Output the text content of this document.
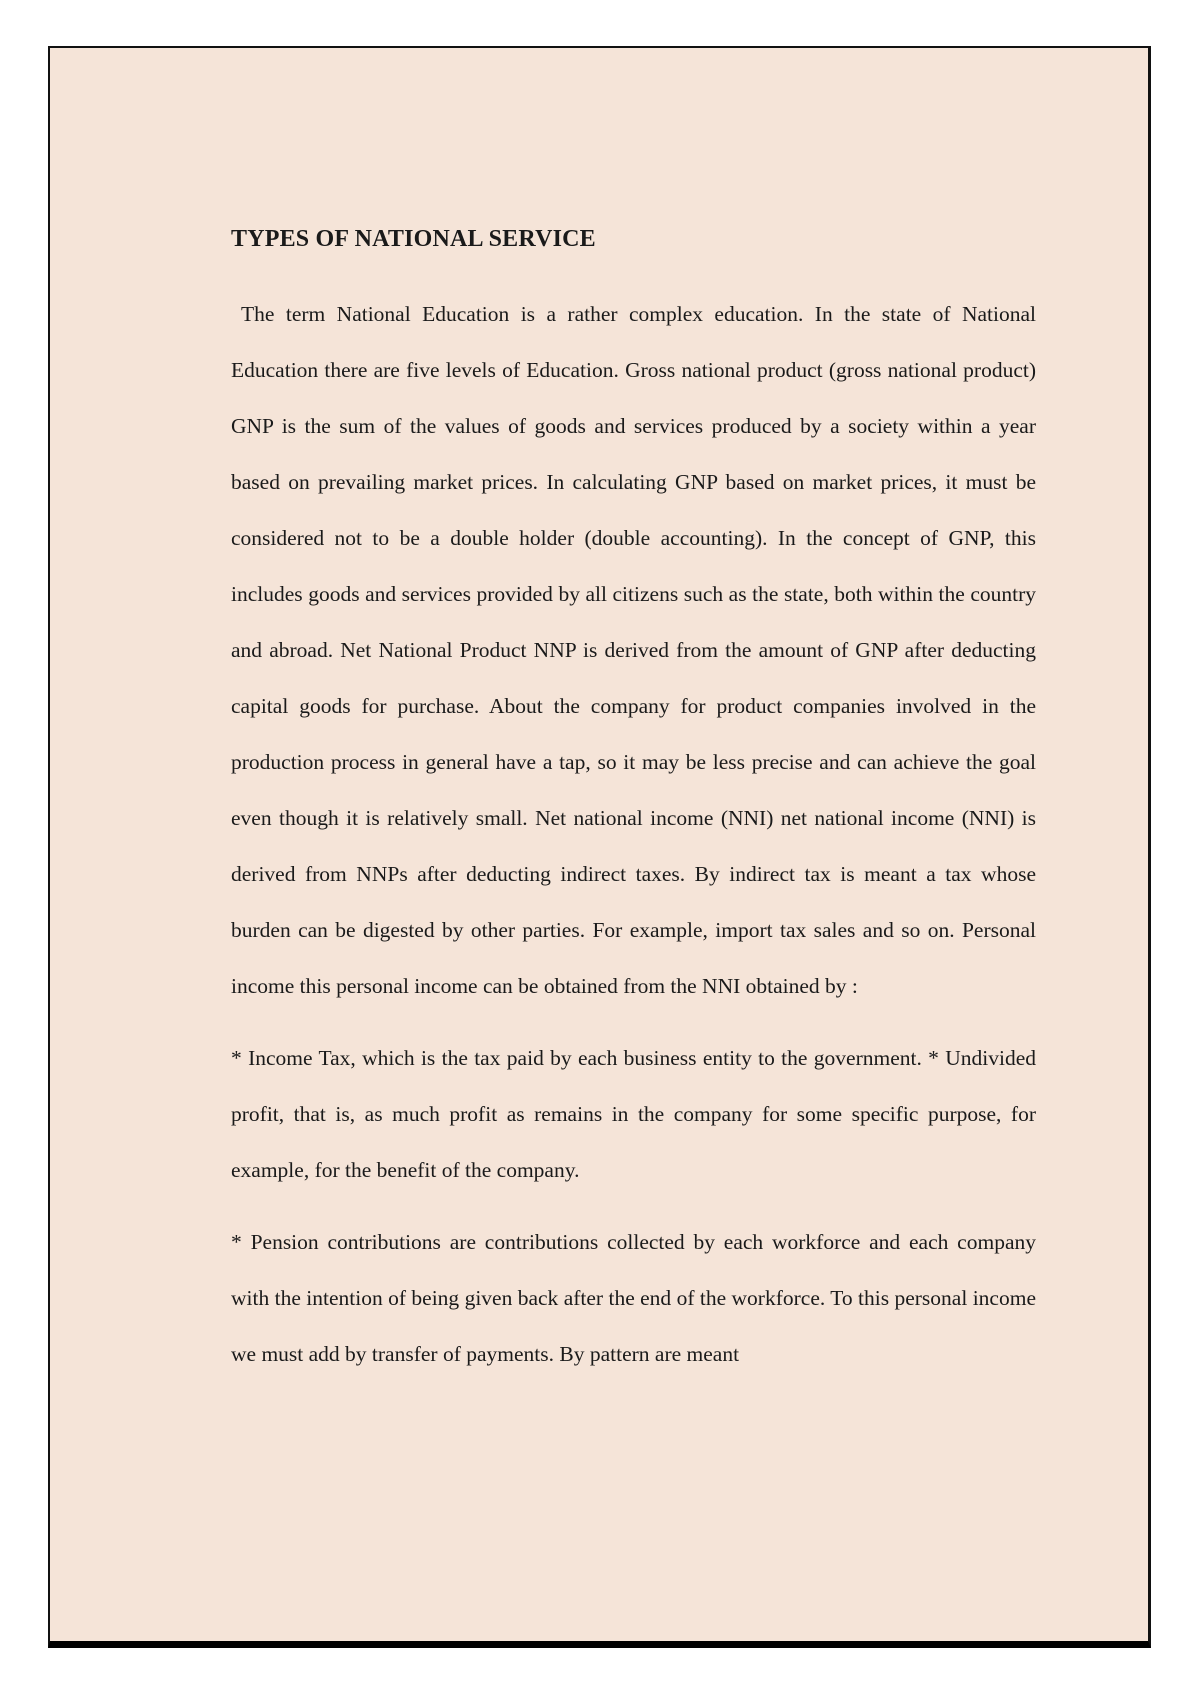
TYPES OF NATIONAL SERVICE

The term National Education is a rather complex education. In the state of National Education there are five levels of Education. Gross national product (gross national product) GNP is the sum of the values of goods and services produced by a society within a year based on prevailing market prices. In calculating GNP based on market prices, it must be considered not to be a double holder (double accounting). In the concept of GNP, this includes goods and services provided by all citizens such as the state, both within the country and abroad. Net National Product NNP is derived from the amount of GNP after deducting capital goods for purchase. About the company for product companies involved in the production process in general have a tap, so it may be less precise and can achieve the goal even though it is relatively small. Net national income (NNI) net national income (NNI) is derived from NNPs after deducting indirect taxes. By indirect tax is meant a tax whose burden can be digested by other parties. For example, import tax sales and so on. Personal income this personal income can be obtained from the NNI obtained by :

* Income Tax, which is the tax paid by each business entity to the government. * Undivided profit, that is, as much profit as remains in the company for some specific purpose, for example, for the benefit of the company.

* Pension contributions are contributions collected by each workforce and each company with the intention of being given back after the end of the workforce. To this personal income we must add by transfer of payments. By pattern are meant
